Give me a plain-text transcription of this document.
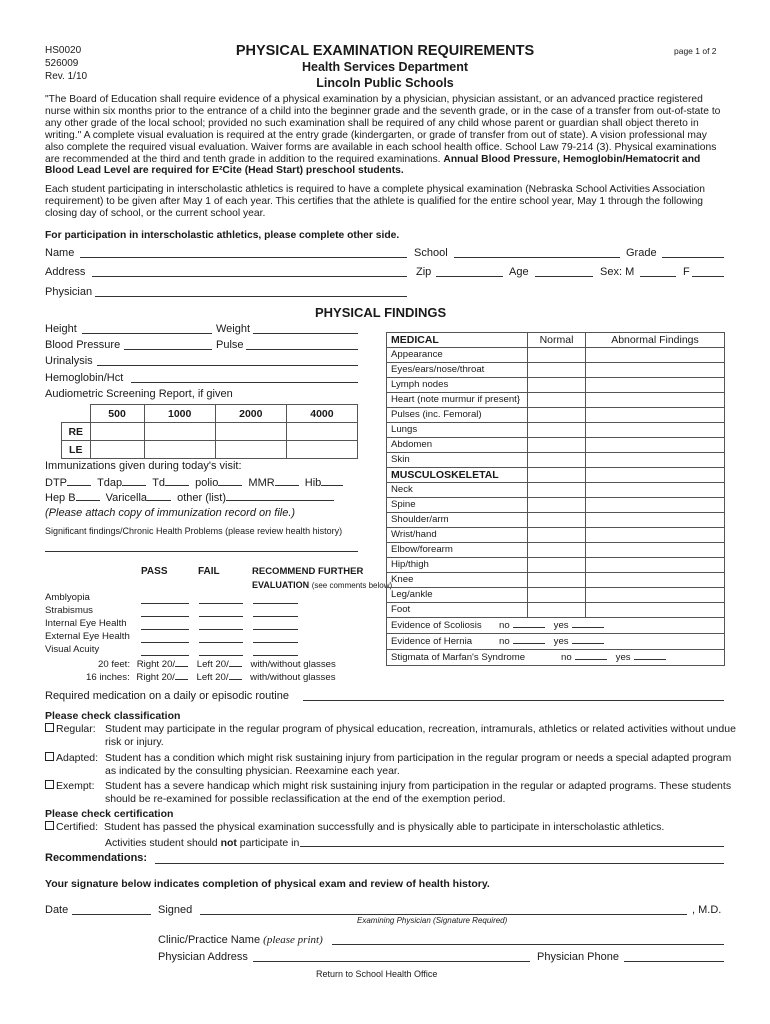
HS0020
526009
Rev. 1/10
PHYSICAL EXAMINATION REQUIREMENTS
Health Services Department
Lincoln Public Schools
page 1 of 2
"The Board of Education shall require evidence of a physical examination by a physician, physician assistant, or an advanced practice registered nurse within six months prior to the entrance of a child into the beginner grade and the seventh grade, or in the case of a transfer from out-of-state to any other grade of the local school; provided no such examination shall be required of any child whose parent or guardian shall object thereto in writing." A complete visual evaluation is required at the entry grade (kindergarten, or grade of transfer from out of state). A vision professional may also complete the required visual evaluation. Waiver forms are available in each school health office. School Law 79-214 (3). Physical examinations are recommended at the third and tenth grade in addition to the required examinations. Annual Blood Pressure, Hemoglobin/Hematocrit and Blood Lead Level are required for E²Cite (Head Start) preschool students.
Each student participating in interscholastic athletics is required to have a complete physical examination (Nebraska School Activities Association requirement) to be given after May 1 of each year. This certifies that the athlete is qualified for the entire school year, May 1 through the following closing day of school, or the current school year.
For participation in interscholastic athletics, please complete other side.
Name	School	Grade
Address	Zip	Age	Sex: M	F
Physician
PHYSICAL FINDINGS
Height	Weight
Blood Pressure	Pulse
Urinalysis
Hemoglobin/Hct
Audiometric Screening Report, if given
	500	1000	2000	4000
RE				
LE				
Immunizations given during today's visit:
DTP	Tdap	Td	polio	MMR	Hib
Hep B	Varicella	other (list)
(Please attach copy of immunization record on file.)
Significant findings/Chronic Health Problems (please review health history)
PASS	FAIL	RECOMMEND FURTHER
EVALUATION (see comments below)
Amblyopia
Strabismus
Internal Eye Health
External Eye Health
Visual Acuity
20 feet: Right 20/ Left 20/ with/without glasses
16 inches: Right 20/ Left 20/ with/without glasses
MEDICAL	Normal	Abnormal Findings
Appearance		
Eyes/ears/nose/throat		
Lymph nodes		
Heart (note murmur if present}		
Pulses (inc. Femoral)		
Lungs		
Abdomen		
Skin		
MUSCULOSKELETAL		
Neck		
Spine		
Shoulder/arm		
Wrist/hand		
Elbow/forearm		
Hip/thigh		
Knee		
Leg/ankle		
Foot		
Evidence of Scoliosis no yes		
Evidence of Hernia no yes		
Stigmata of Marfan's Syndrome no yes		
Required medication on a daily or episodic routine
Please check classification
Regular: Student may participate in the regular program of physical education, recreation, intramurals, athletics or related activities without undue
risk or injury.
Adapted: Student has a condition which might risk sustaining injury from participation in the regular program or needs a special adapted program
as indicated by the consulting physician. Reexamine each year.
Exempt: Student has a severe handicap which might risk sustaining injury from participation in the regular or adapted programs. These students
should be re-examined for possible reclassification at the end of the exemption period.
Please check certification
Certified: Student has passed the physical examination successfully and is physically able to participate in interscholastic athletics.
Activities student should not participate in
Recommendations:
Your signature below indicates completion of physical exam and review of health history.
Date	Signed	, M.D.
Examining Physician (Signature Required)
Clinic/Practice Name (please print)
Physician Address	Physician Phone
Return to School Health Office
